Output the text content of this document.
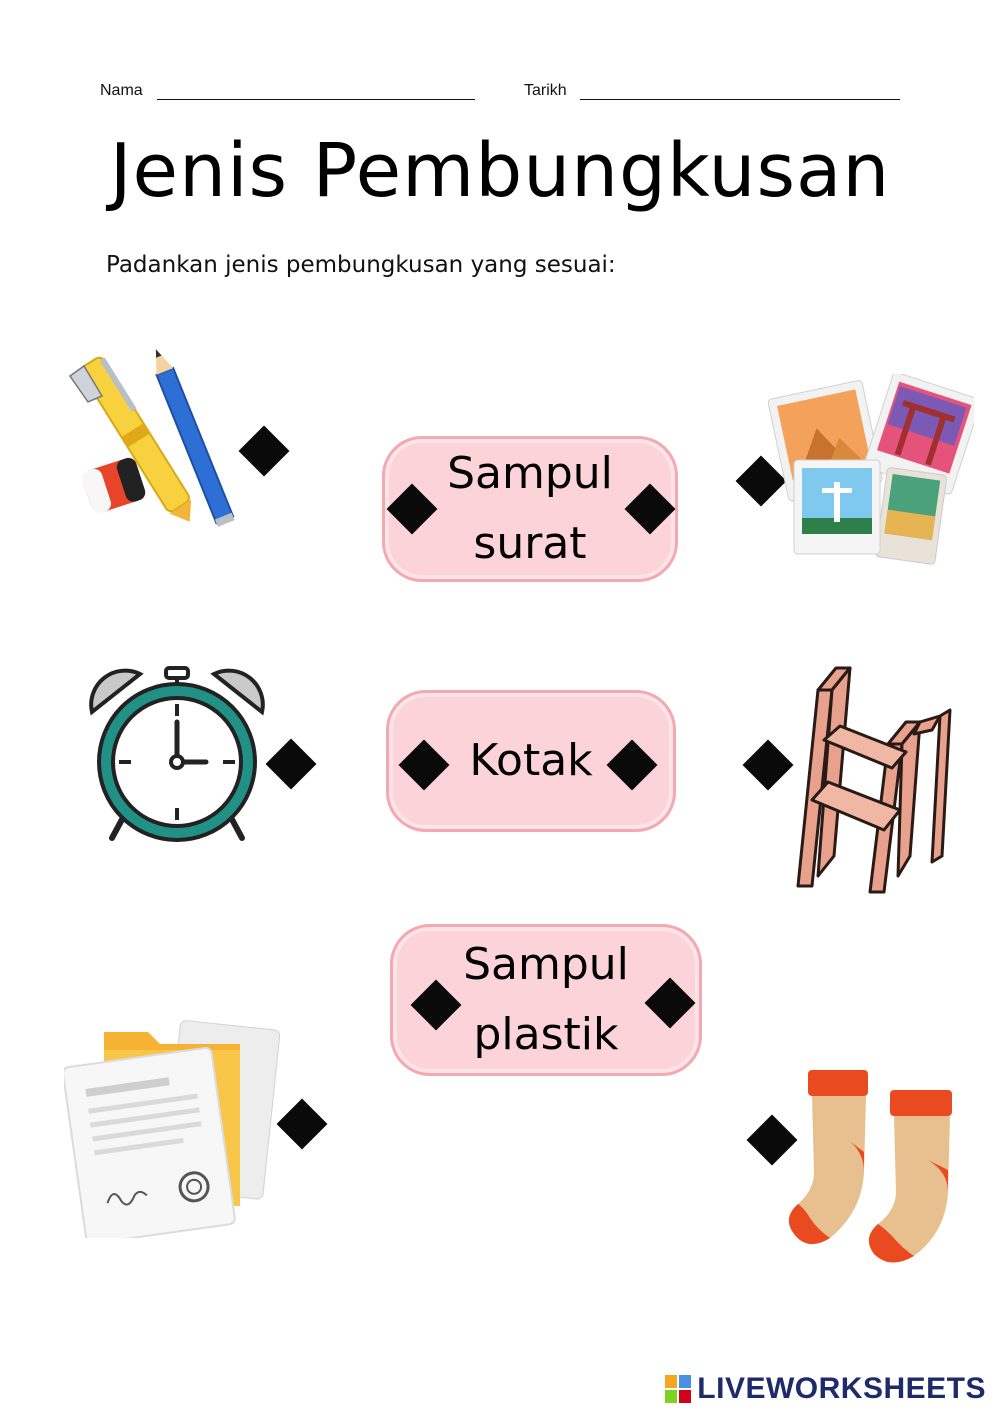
Nama	Tarikh
Jenis Pembungkusan
Padankan jenis pembungkusan yang sesuai:
Sampul
surat
Kotak
Sampul
plastik
LIVEWORKSHEETS
